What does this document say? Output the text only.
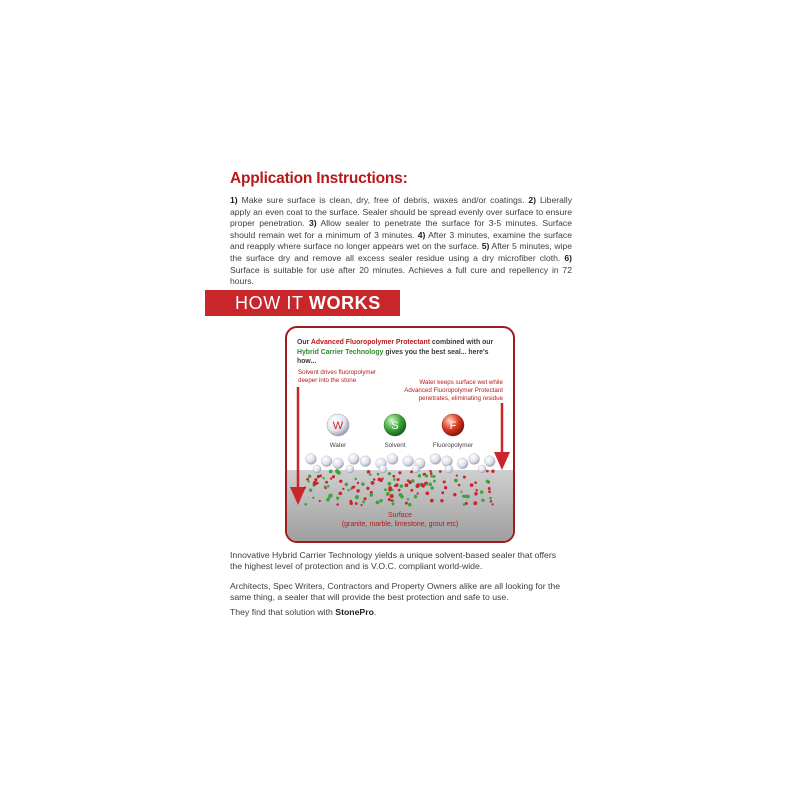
Application Instructions:

1) Make sure surface is clean, dry, free of debris, waxes and/or coatings. 2) Liberally apply an even coat to the surface. Sealer should be spread evenly over surface to ensure proper penetration. 3) Allow sealer to penetrate the surface for 3-5 minutes. Surface should remain wet for a minimum of 3 minutes. 4) After 3 minutes, examine the surface and reapply where surface no longer appears wet on the surface. 5) After 5 minutes, wipe the surface dry and remove all excess sealer residue using a dry microfiber cloth. 6) Surface is suitable for use after 20 minutes. Achieves a full cure and repellency in 72 hours.

HOW IT WORKS
W	S	F
Water	Solvent	Fluoropolymer
Our Advanced Fluoropolymer Protectant combined with our Hybrid Carrier Technology gives you the best seal... here's how...
Solvent drives fluoropolymer deeper into the stone	Water keeps surface wet while Advanced Fluoropolymer Protectant penetrates, eliminating residue
Surface
(granite, marble, limestone, grout etc)

Innovative Hybrid Carrier Technology yields a unique solvent-based sealer that offers the highest level of protection and is V.O.C. compliant world-wide.

Architects, Spec Writers, Contractors and Property Owners alike are all looking for the same thing, a sealer that will provide the best protection and safe to use.

They find that solution with StonePro.
